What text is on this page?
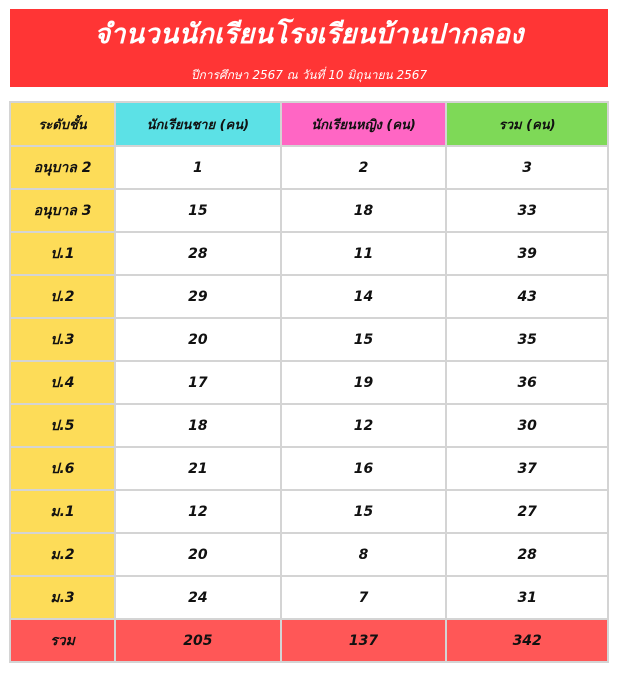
จำนวนนักเรียนโรงเรียนบ้านปากลอง
ปีการศึกษา 2567 ณ วันที่ 10 มิถุนายน 2567
ระดับชั้น	นักเรียนชาย (คน)	นักเรียนหญิง (คน)	รวม (คน)
อนุบาล 2	1	2	3
อนุบาล 3	15	18	33
ป.1	28	11	39
ป.2	29	14	43
ป.3	20	15	35
ป.4	17	19	36
ป.5	18	12	30
ป.6	21	16	37
ม.1	12	15	27
ม.2	20	8	28
ม.3	24	7	31
รวม	205	137	342
